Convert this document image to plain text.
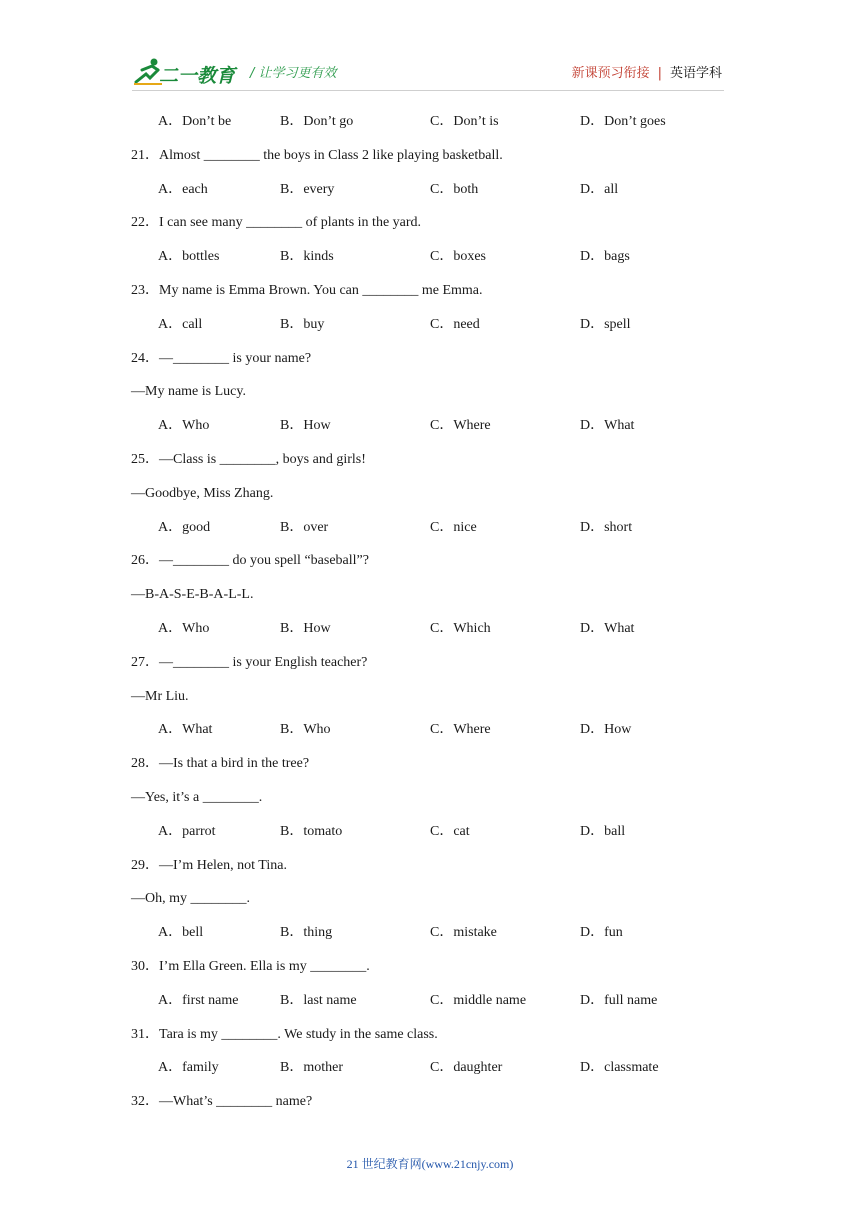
二一教育 / 让学习更有效	新课预习衔接 | 英语学科
A．Don’t be	B．Don’t go	C．Don’t is	D．Don’t goes
21．Almost ________ the boys in Class 2 like playing basketball.
A．each	B．every	C．both	D．all
22．I can see many ________ of plants in the yard.
A．bottles	B．kinds	C．boxes	D．bags
23．My name is Emma Brown. You can ________ me Emma.
A．call	B．buy	C．need	D．spell
24．—________ is your name?
—My name is Lucy.
A．Who	B．How	C．Where	D．What
25．—Class is ________, boys and girls!
—Goodbye, Miss Zhang.
A．good	B．over	C．nice	D．short
26．—________ do you spell “baseball”?
—B-A-S-E-B-A-L-L.
A．Who	B．How	C．Which	D．What
27．—________ is your English teacher?
—Mr Liu.
A．What	B．Who	C．Where	D．How
28．—Is that a bird in the tree?
—Yes, it’s a ________.
A．parrot	B．tomato	C．cat	D．ball
29．—I’m Helen, not Tina.
—Oh, my ________.
A．bell	B．thing	C．mistake	D．fun
30．I’m Ella Green. Ella is my ________.
A．first name	B．last name	C．middle name	D．full name
31．Tara is my ________. We study in the same class.
A．family	B．mother	C．daughter	D．classmate
32．—What’s ________ name?
21 世纪教育网(www.21cnjy.com)
